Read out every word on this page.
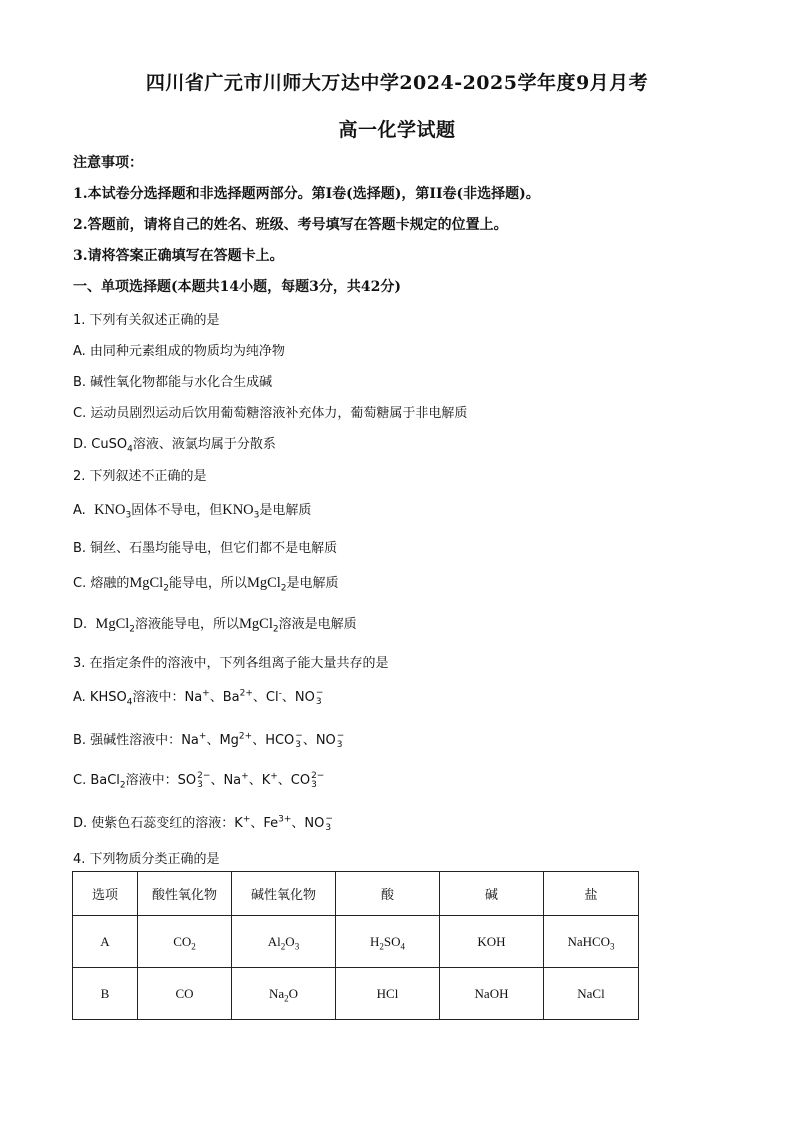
四川省广元市川师大万达中学2024-2025学年度9月月考
高一化学试题
注意事项：
1.本试卷分选择题和非选择题两部分。第I卷(选择题)，第II卷(非选择题)。
2.答题前，请将自己的姓名、班级、考号填写在答题卡规定的位置上。
3.请将答案正确填写在答题卡上。
一、单项选择题(本题共14小题，每题3分，共42分)
1. 下列有关叙述正确的是
A. 由同种元素组成的物质均为纯净物
B. 碱性氧化物都能与水化合生成碱
C. 运动员剧烈运动后饮用葡萄糖溶液补充体力，葡萄糖属于非电解质
D. CuSO$_4$溶液、液氯均属于分散系
2. 下列叙述不正确的是
A. $KNO_3$固体不导电，但$KNO_3$是电解质
B. 铜丝、石墨均能导电，但它们都不是电解质
C. 熔融的MgCl$_2$能导电，所以MgCl$_2$是电解质
D. MgCl$_2$溶液能导电，所以MgCl$_2$溶液是电解质
3. 在指定条件的溶液中，下列各组离子能大量共存的是
A. $KHSO_4$溶液中：Na+、$Ba^{2+}$、Cl-、NO −
3
B. 强碱性溶液中：Na+、$Mg^{2+}$、HCO −
3 、NO −
3
C. BaCl$_2$溶液中：SO 2−
3 、Na+、K+、CO 2−
3
D. 使紫色石蕊变红的溶液：K+、$Fe^{3+}$、NO −
3
4. 下列物质分类正确的是
选项	酸性氧化物	碱性氧化物	酸	碱	盐
A	$CO_2$	$Al_2O_3$	$H_2SO_4$	KOH	NaHCO$_3$
B	CO	$Na_2O$	HCl	NaOH	NaCl
